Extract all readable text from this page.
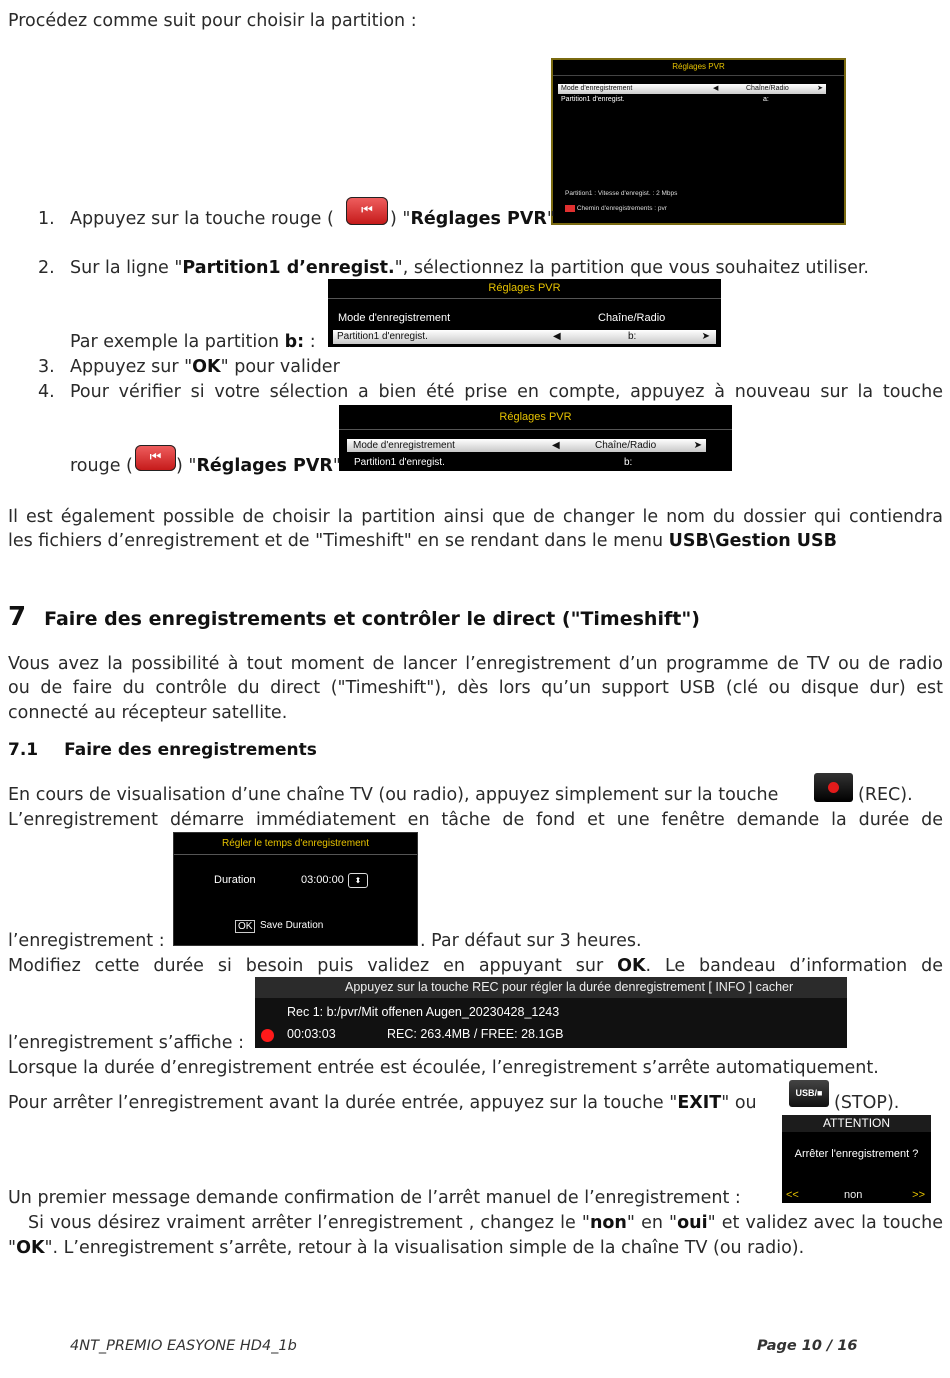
Procédez comme suit pour choisir la partition :
Réglages PVR
Mode d'enregistrement	◀	Chaîne/Radio	➤
Partition1 d'enregist.	a:
Partition1 : Vitesse d'enregist. : 2 Mbps
Chemin d'enregistrements : pvr
1. Appuyez sur la touche rouge ( ⏮	) "Réglages PVR"
2. Sur la ligne "Partition1 d’enregist.", sélectionnez la partition que vous souhaitez utiliser.
Réglages PVR
Mode d'enregistrement	Chaîne/Radio
Partition1 d'enregist.	◀	b:	➤
Par exemple la partition b: :
3. Appuyez sur "OK" pour valider
4. Pour vérifier si votre sélection a bien été prise en compte, appuyez à nouveau sur la touche
Réglages PVR
Mode d'enregistrement	◀	Chaîne/Radio	➤
Partition1 d'enregist.	b:
rouge ( ⏮ ) "Réglages PVR"
Il est également possible de choisir la partition ainsi que de changer le nom du dossier qui contiendra
les fichiers d’enregistrement et de "Timeshift" en se rendant dans le menu USB\Gestion USB
7 Faire des enregistrements et contrôler le direct ("Timeshift")
Vous avez la possibilité à tout moment de lancer l’enregistrement d’un programme de TV ou de radio
ou de faire du contrôle du direct ("Timeshift"), dès lors qu’un support USB (clé ou disque dur) est
connecté au récepteur satellite.
7.1 Faire des enregistrements
En cours de visualisation d’une chaîne TV (ou radio), appuyez simplement sur la touche	(REC).
L’enregistrement démarre immédiatement en tâche de fond et une fenêtre demande la durée de
Régler le temps d'enregistrement
Duration	03:00:00	⬍
OK Save Duration
l’enregistrement :	. Par défaut sur 3 heures.
Modifiez cette durée si besoin puis validez en appuyant sur OK. Le bandeau d’information de
Appuyez sur la touche REC pour régler la durée denregistrement [ INFO ] cacher
Rec 1: b:/pvr/Mit offenen Augen_20230428_1243
00:03:03	REC: 263.4MB / FREE: 28.1GB
l’enregistrement s’affiche :
Lorsque la durée d’enregistrement entrée est écoulée, l’enregistrement s’arrête automatiquement.
Pour arrêter l’enregistrement avant la durée entrée, appuyez sur la touche "EXIT" ou	USB/■ (STOP).
ATTENTION
Arrêter l'enregistrement ?
<<	non	>>
Un premier message demande confirmation de l’arrêt manuel de l’enregistrement :
Si vous désirez vraiment arrêter l’enregistrement , changez le "non" en "oui" et validez avec la touche
"OK". L’enregistrement s’arrête, retour à la visualisation simple de la chaîne TV (ou radio).
4NT_PREMIO EASYONE HD4_1b	Page 10 / 16
